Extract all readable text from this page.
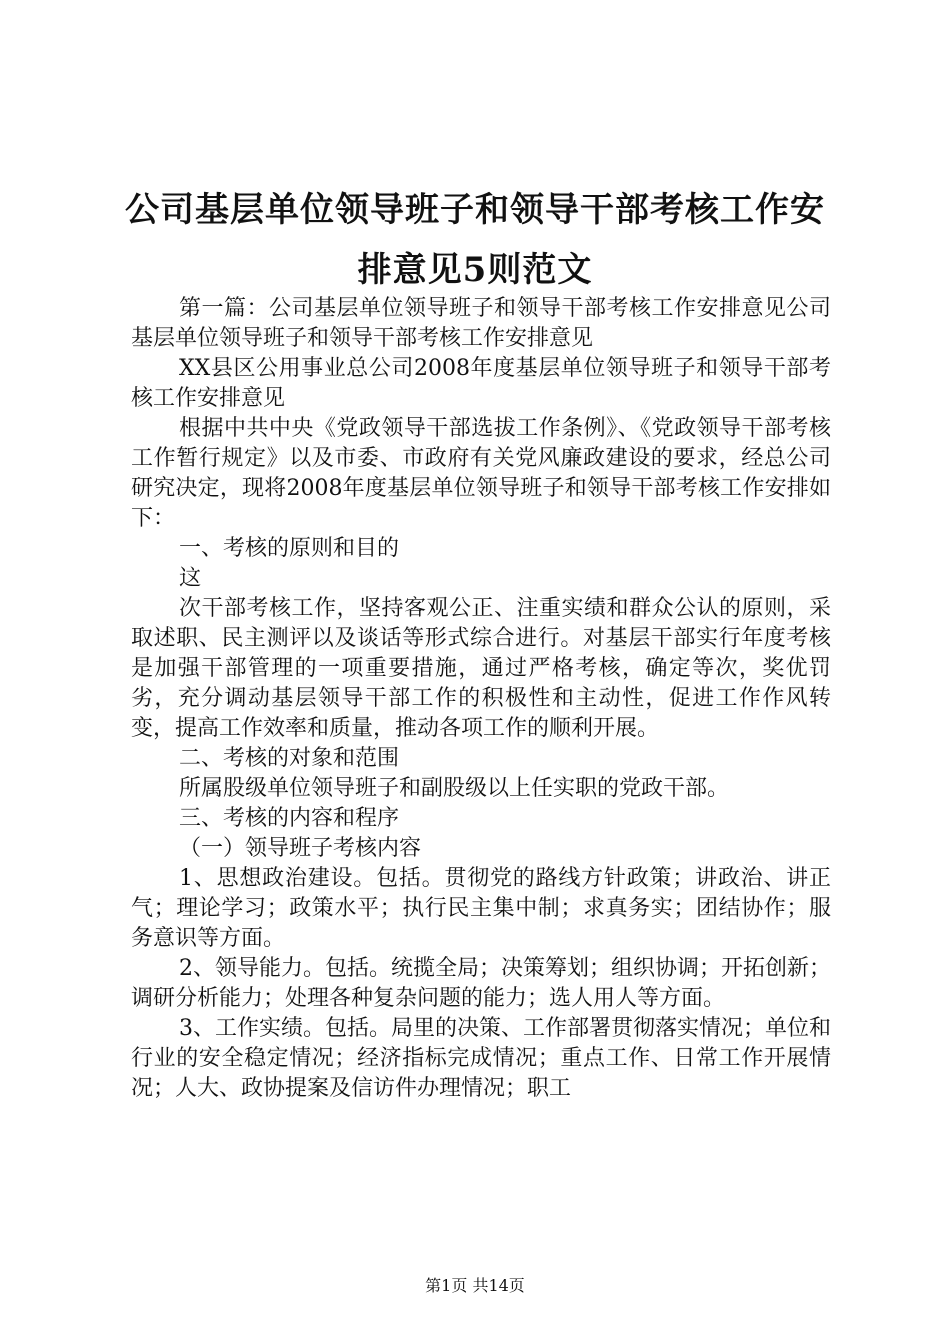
公司基层单位领导班子和领导干部考核工作安
排意见5则范文

第一篇：公司基层单位领导班子和领导干部考核工作安排意见公司基层单位领导班子和领导干部考核工作安排意见

XX县区公用事业总公司2008年度基层单位领导班子和领导干部考核工作安排意见

根据中共中央《党政领导干部选拔工作条例》、《党政领导干部考核工作暂行规定》以及市委、市政府有关党风廉政建设的要求，经总公司研究决定，现将2008年度基层单位领导班子和领导干部考核工作安排如下：

一、考核的原则和目的

这

次干部考核工作，坚持客观公正、注重实绩和群众公认的原则，采取述职、民主测评以及谈话等形式综合进行。对基层干部实行年度考核是加强干部管理的一项重要措施，通过严格考核，确定等次，奖优罚劣，充分调动基层领导干部工作的积极性和主动性，促进工作作风转变，提高工作效率和质量，推动各项工作的顺利开展。

二、考核的对象和范围

所属股级单位领导班子和副股级以上任实职的党政干部。

三、考核的内容和程序

（一）领导班子考核内容

1、思想政治建设。包括。贯彻党的路线方针政策；讲政治、讲正气；理论学习；政策水平；执行民主集中制；求真务实；团结协作；服务意识等方面。

2、领导能力。包括。统揽全局；决策筹划；组织协调；开拓创新；调研分析能力；处理各种复杂问题的能力；选人用人等方面。

3、工作实绩。包括。局里的决策、工作部署贯彻落实情况；单位和行业的安全稳定情况；经济指标完成情况；重点工作、日常工作开展情况；人大、政协提案及信访件办理情况；职工

第1页 共14页
